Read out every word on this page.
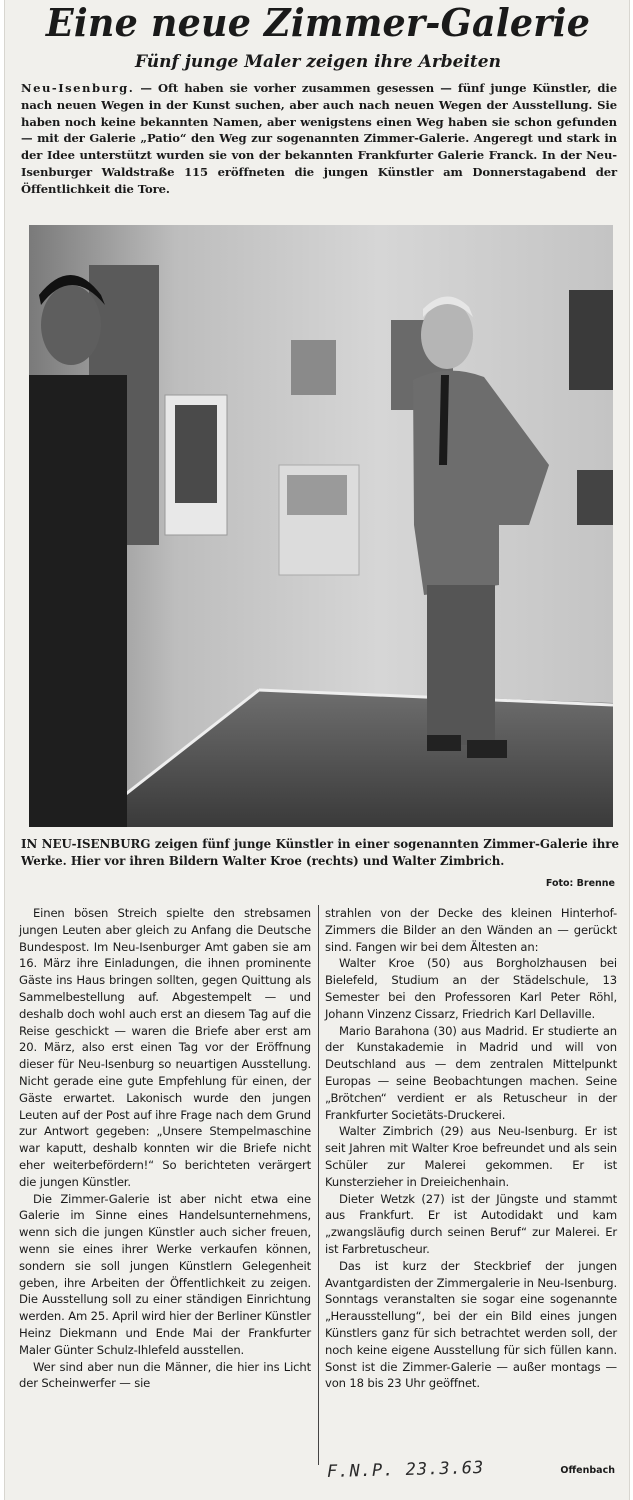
Eine neue Zimmer-Galerie
Fünf junge Maler zeigen ihre Arbeiten
Neu-Isenburg. — Oft haben sie vorher zusammen gesessen — fünf junge Künstler, die nach neuen Wegen in der Kunst suchen, aber auch nach neuen Wegen der Ausstellung. Sie haben noch keine bekannten Namen, aber wenigstens einen Weg haben sie schon gefunden — mit der Galerie „Patio“ den Weg zur sogenannten Zimmer-Galerie. Angeregt und stark in der Idee unterstützt wurden sie von der bekannten Frankfurter Galerie Franck. In der Neu-Isenburger Waldstraße 115 eröffneten die jungen Künstler am Donnerstagabend der Öffentlichkeit die Tore.
IN NEU-ISENBURG zeigen fünf junge Künstler in einer sogenannten Zimmer-Galerie ihre Werke. Hier vor ihren Bildern Walter Kroe (rechts) und Walter Zimbrich.
Foto: Brenne

Einen bösen Streich spielte den strebsamen jungen Leuten aber gleich zu Anfang die Deutsche Bundespost. Im Neu-Isenburger Amt gaben sie am 16. März ihre Einladungen, die ihnen prominente Gäste ins Haus bringen sollten, gegen Quittung als Sammelbestellung auf. Abgestempelt — und deshalb doch wohl auch erst an diesem Tag auf die Reise geschickt — waren die Briefe aber erst am 20. März, also erst einen Tag vor der Eröffnung dieser für Neu-Isenburg so neuartigen Ausstellung. Nicht gerade eine gute Empfehlung für einen, der Gäste erwartet. Lakonisch wurde den jungen Leuten auf der Post auf ihre Frage nach dem Grund zur Antwort gegeben: „Unsere Stempelmaschine war kaputt, deshalb konnten wir die Briefe nicht eher weiterbefördern!“ So berichteten verärgert die jungen Künstler.

Die Zimmer-Galerie ist aber nicht etwa eine Galerie im Sinne eines Handelsunternehmens, wenn sich die jungen Künstler auch sicher freuen, wenn sie eines ihrer Werke verkaufen können, sondern sie soll jungen Künstlern Gelegenheit geben, ihre Arbeiten der Öffentlichkeit zu zeigen. Die Ausstellung soll zu einer ständigen Einrichtung werden. Am 25. April wird hier der Berliner Künstler Heinz Diekmann und Ende Mai der Frankfurter Maler Günter Schulz-Ihlefeld ausstellen.

Wer sind aber nun die Männer, die hier ins Licht der Scheinwerfer — sie

strahlen von der Decke des kleinen Hinterhof-Zimmers die Bilder an den Wänden an — gerückt sind. Fangen wir bei dem Ältesten an:

Walter Kroe (50) aus Borgholzhausen bei Bielefeld, Studium an der Städelschule, 13 Semester bei den Professoren Karl Peter Röhl, Johann Vinzenz Cissarz, Friedrich Karl Dellaville.

Mario Barahona (30) aus Madrid. Er studierte an der Kunstakademie in Madrid und will von Deutschland aus — dem zentralen Mittelpunkt Europas — seine Beobachtungen machen. Seine „Brötchen“ verdient er als Retuscheur in der Frankfurter Societäts-Druckerei.

Walter Zimbrich (29) aus Neu-Isenburg. Er ist seit Jahren mit Walter Kroe befreundet und als sein Schüler zur Malerei gekommen. Er ist Kunsterzieher in Dreieichenhain.

Dieter Wetzk (27) ist der Jüngste und stammt aus Frankfurt. Er ist Autodidakt und kam „zwangsläufig durch seinen Beruf“ zur Malerei. Er ist Farbretuscheur.

Das ist kurz der Steckbrief der jungen Avantgardisten der Zimmergalerie in Neu-Isenburg. Sonntags veranstalten sie sogar eine sogenannte „Herausstellung“, bei der ein Bild eines jungen Künstlers ganz für sich betrachtet werden soll, der noch keine eigene Ausstellung für sich füllen kann. Sonst ist die Zimmer-Galerie — außer montags — von 18 bis 23 Uhr geöffnet.

F.N.P. 23.3.63	Offenbach
